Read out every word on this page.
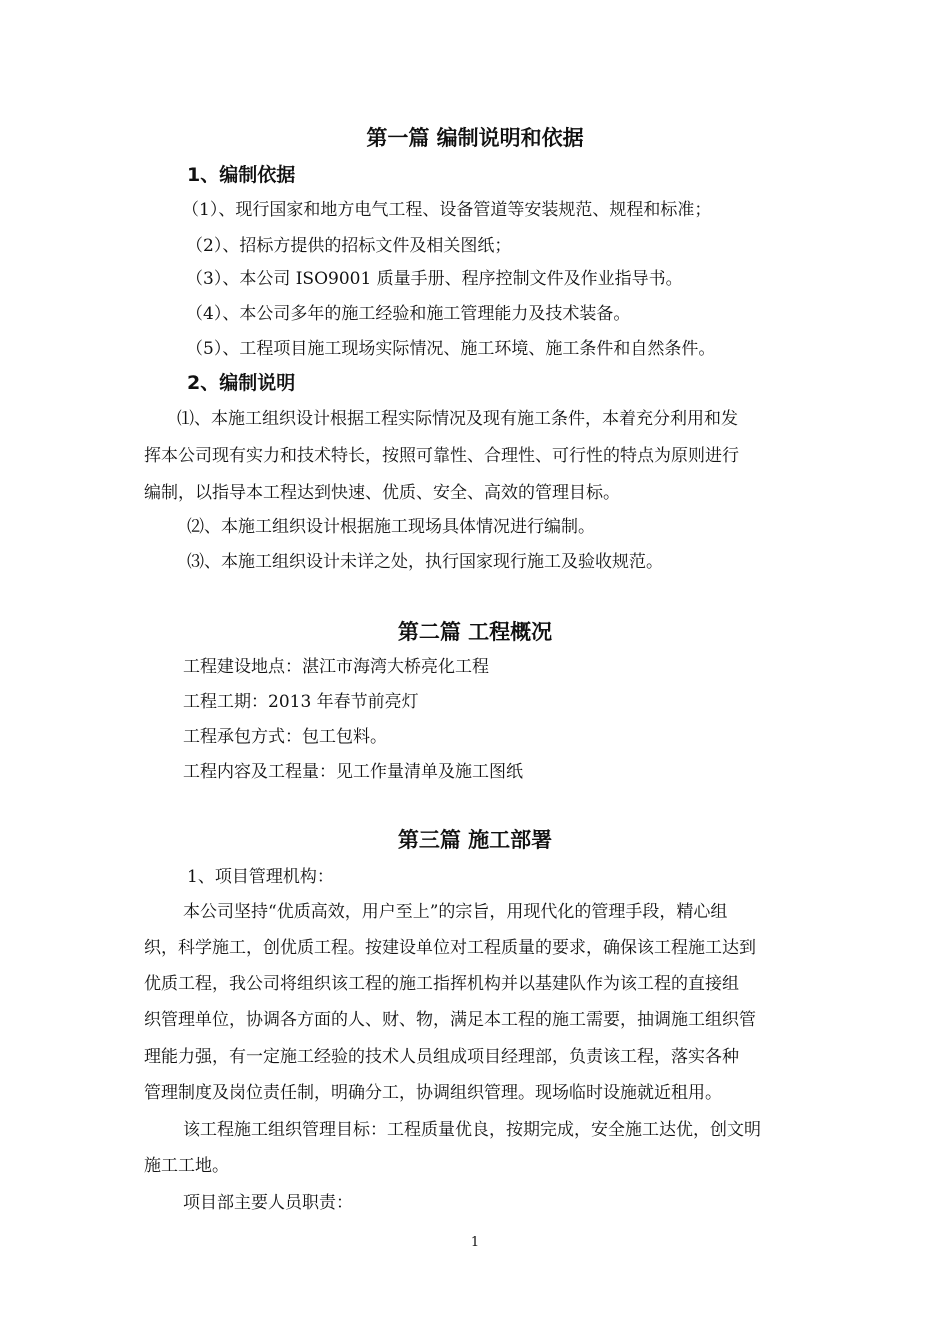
第一篇 编制说明和依据
1、编制依据
（1）、现行国家和地方电气工程、设备管道等安装规范、规程和标准；
（2）、招标方提供的招标文件及相关图纸；
（3）、本公司 ISO9001 质量手册、程序控制文件及作业指导书。
（4）、本公司多年的施工经验和施工管理能力及技术装备。
（5）、工程项目施工现场实际情况、施工环境、施工条件和自然条件。
2、编制说明
⑴、本施工组织设计根据工程实际情况及现有施工条件，本着充分利用和发
挥本公司现有实力和技术特长，按照可靠性、合理性、可行性的特点为原则进行
编制，以指导本工程达到快速、优质、安全、高效的管理目标。
⑵、本施工组织设计根据施工现场具体情况进行编制。
⑶、本施工组织设计未详之处，执行国家现行施工及验收规范。
第二篇 工程概况
工程建设地点：湛江市海湾大桥亮化工程
工程工期：2013 年春节前亮灯
工程承包方式：包工包料。
工程内容及工程量：见工作量清单及施工图纸
第三篇 施工部署
1、项目管理机构：
本公司坚持“优质高效，用户至上”的宗旨，用现代化的管理手段，精心组
织，科学施工，创优质工程。按建设单位对工程质量的要求，确保该工程施工达到
优质工程，我公司将组织该工程的施工指挥机构并以基建队作为该工程的直接组
织管理单位，协调各方面的人、财、物，满足本工程的施工需要，抽调施工组织管
理能力强，有一定施工经验的技术人员组成项目经理部，负责该工程，落实各种
管理制度及岗位责任制，明确分工，协调组织管理。现场临时设施就近租用。
该工程施工组织管理目标：工程质量优良，按期完成，安全施工达优，创文明
施工工地。
项目部主要人员职责：
1
